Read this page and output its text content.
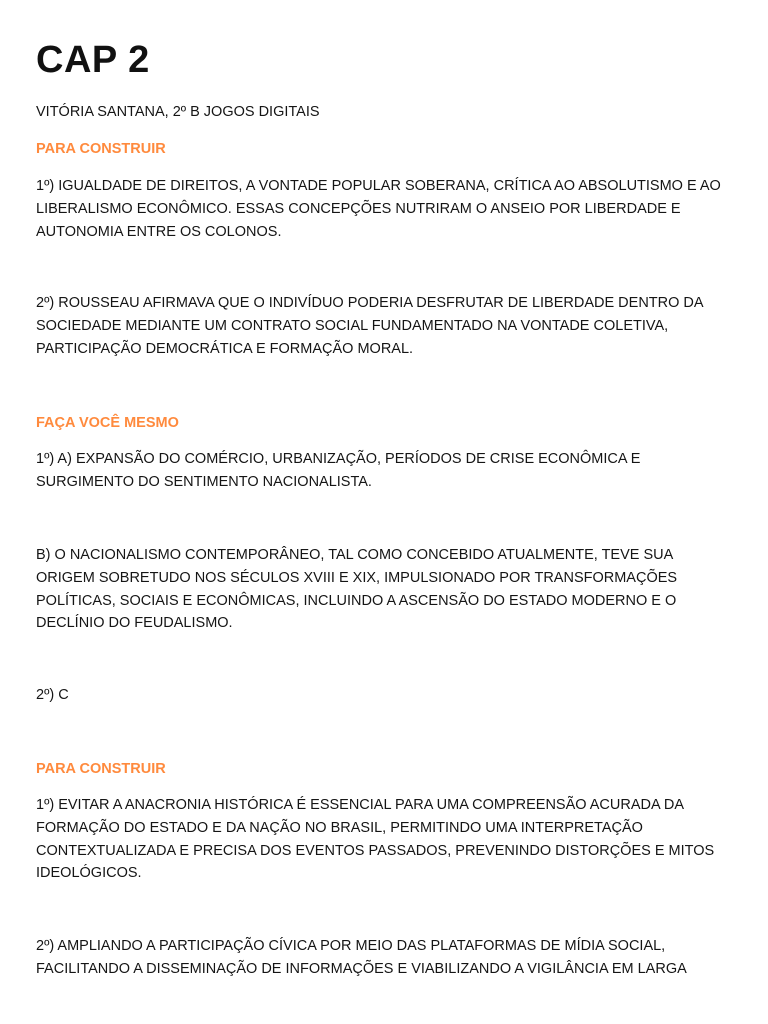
CAP 2

VITÓRIA SANTANA, 2º B JOGOS DIGITAIS

PARA CONSTRUIR

1º) IGUALDADE DE DIREITOS, A VONTADE POPULAR SOBERANA, CRÍTICA AO ABSOLUTISMO E AO
LIBERALISMO ECONÔMICO. ESSAS CONCEPÇÕES NUTRIRAM O ANSEIO POR LIBERDADE E
AUTONOMIA ENTRE OS COLONOS.

2º) ROUSSEAU AFIRMAVA QUE O INDIVÍDUO PODERIA DESFRUTAR DE LIBERDADE DENTRO DA
SOCIEDADE MEDIANTE UM CONTRATO SOCIAL FUNDAMENTADO NA VONTADE COLETIVA,
PARTICIPAÇÃO DEMOCRÁTICA E FORMAÇÃO MORAL.

FAÇA VOCÊ MESMO

1º) A) EXPANSÃO DO COMÉRCIO, URBANIZAÇÃO, PERÍODOS DE CRISE ECONÔMICA E
SURGIMENTO DO SENTIMENTO NACIONALISTA.

B) O NACIONALISMO CONTEMPORÂNEO, TAL COMO CONCEBIDO ATUALMENTE, TEVE SUA
ORIGEM SOBRETUDO NOS SÉCULOS XVIII E XIX, IMPULSIONADO POR TRANSFORMAÇÕES
POLÍTICAS, SOCIAIS E ECONÔMICAS, INCLUINDO A ASCENSÃO DO ESTADO MODERNO E O
DECLÍNIO DO FEUDALISMO.

2º) C

PARA CONSTRUIR

1º) EVITAR A ANACRONIA HISTÓRICA É ESSENCIAL PARA UMA COMPREENSÃO ACURADA DA
FORMAÇÃO DO ESTADO E DA NAÇÃO NO BRASIL, PERMITINDO UMA INTERPRETAÇÃO
CONTEXTUALIZADA E PRECISA DOS EVENTOS PASSADOS, PREVENINDO DISTORÇÕES E MITOS
IDEOLÓGICOS.

2º) AMPLIANDO A PARTICIPAÇÃO CÍVICA POR MEIO DAS PLATAFORMAS DE MÍDIA SOCIAL,
FACILITANDO A DISSEMINAÇÃO DE INFORMAÇÕES E VIABILIZANDO A VIGILÂNCIA EM LARGA
